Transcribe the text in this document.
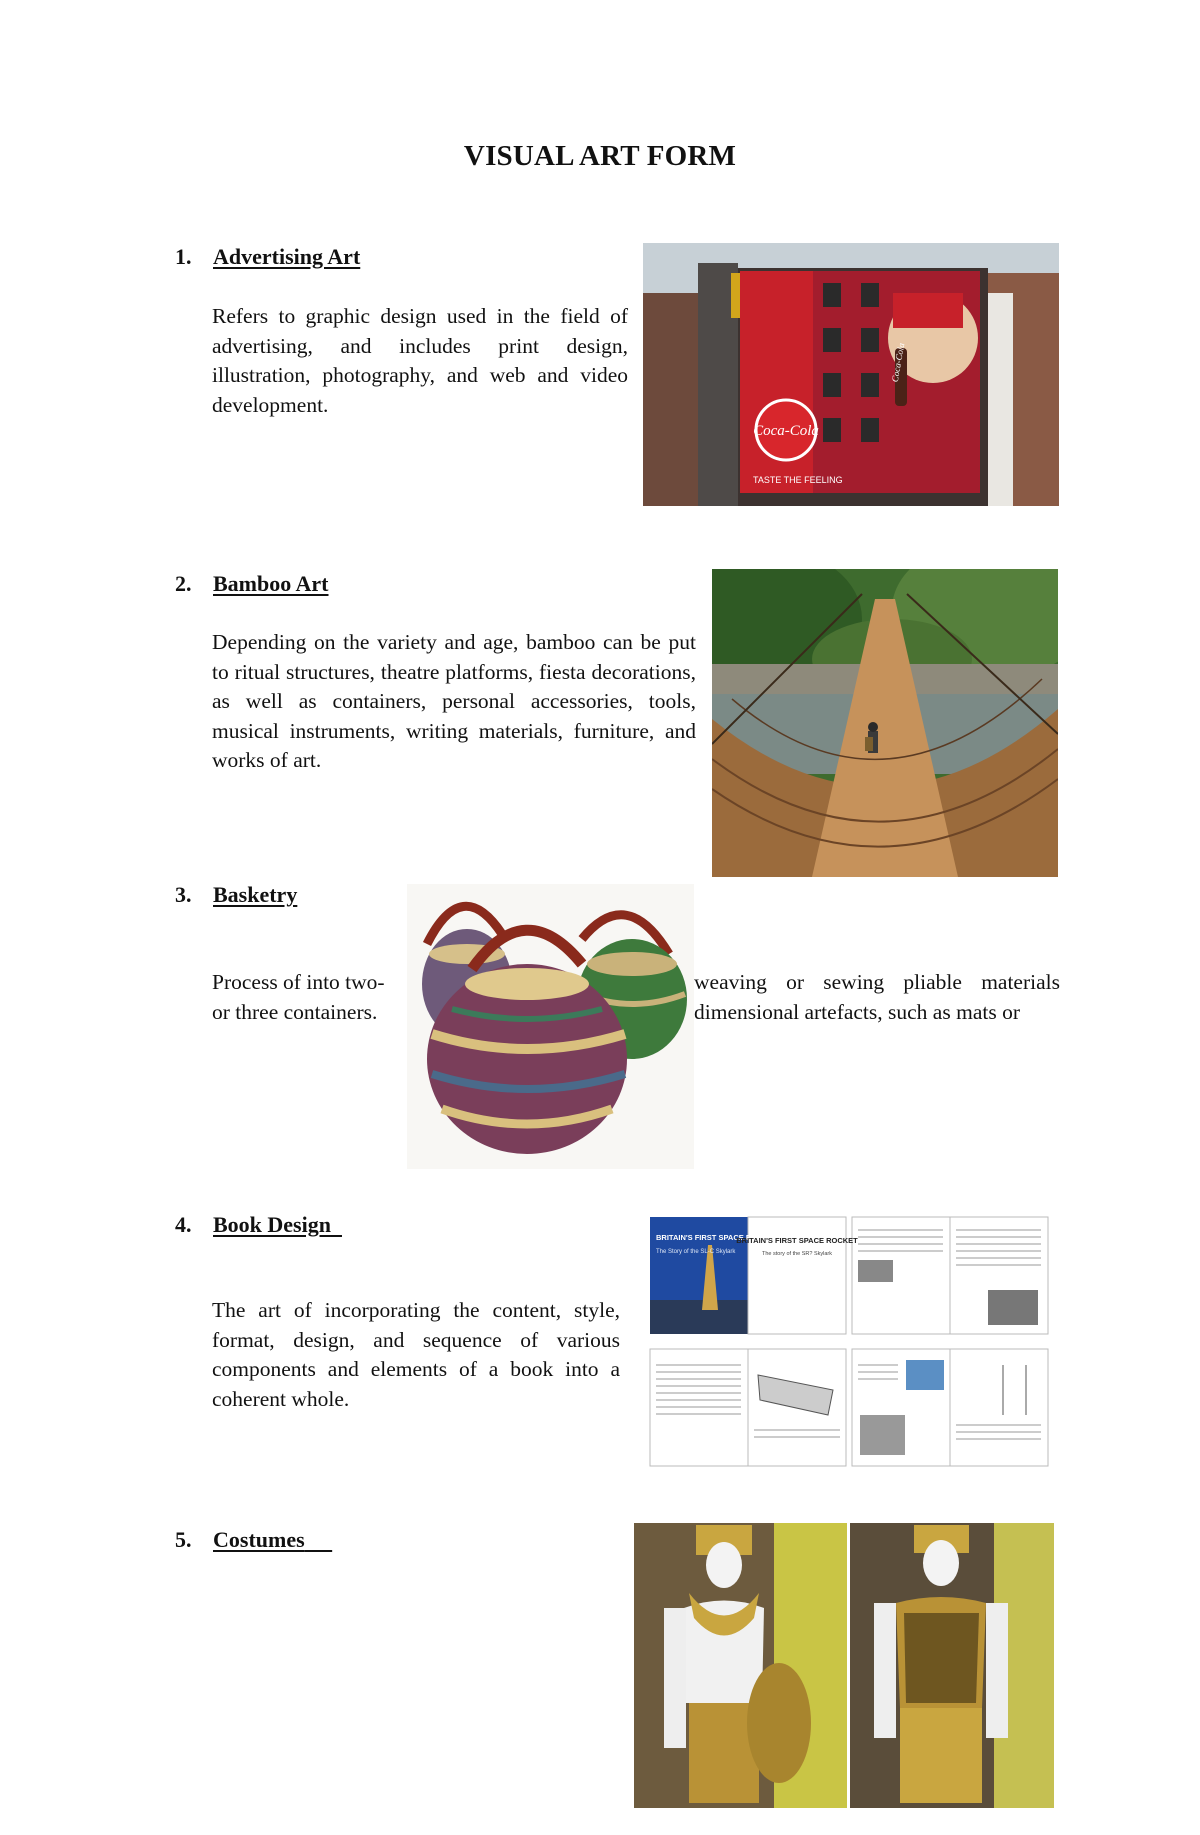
VISUAL ART FORM
1. Advertising Art

Refers to graphic design used in the field of advertising, and includes print design, illustration, photography, and web and video development.

Coca-Cola
Coca-Cola
TASTE THE FEELING
2. Bamboo Art

Depending on the variety and age, bamboo can be put to ritual structures, theatre platforms, fiesta decorations, as well as containers, personal accessories, tools, musical instruments, writing materials, furniture, and works of art.

3. Basketry

Process of into two- or three containers.

weaving or sewing pliable materials dimensional artefacts, such as mats or

4. Book Design

The art of incorporating the content, style, format, design, and sequence of various components and elements of a book into a coherent whole.

BRITAIN'S FIRST SPACE ROCKET
The Story of the SL-C Skylark
BRITAIN'S FIRST SPACE ROCKET
The story of the SR? Skylark
5. Costumes
